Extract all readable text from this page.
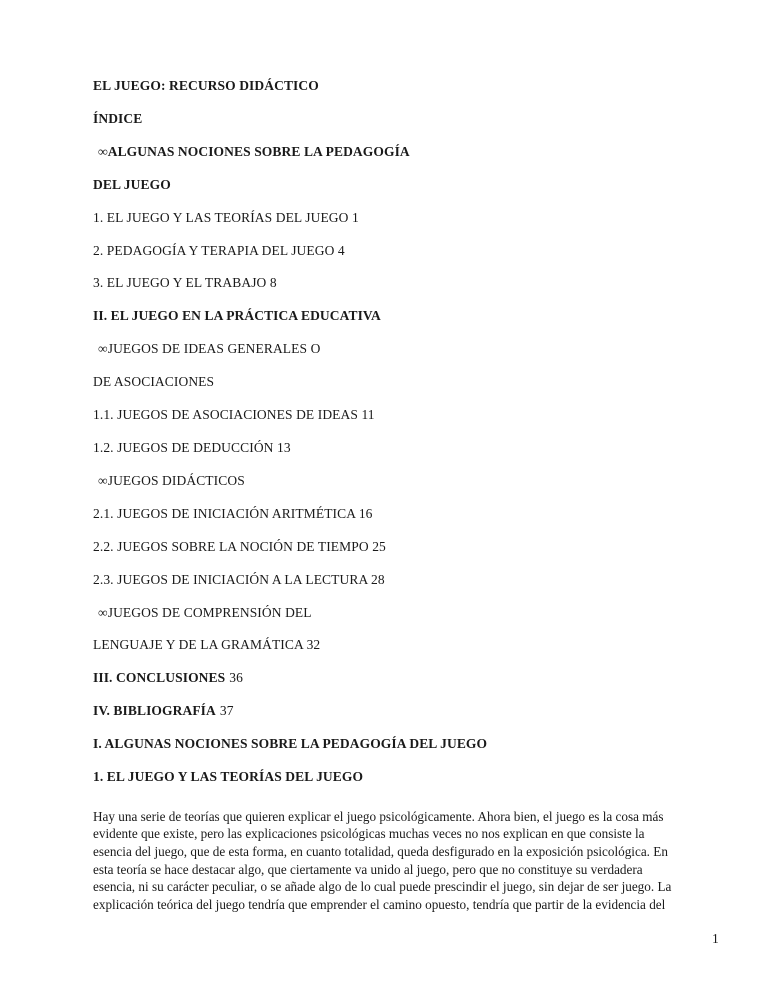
EL JUEGO: RECURSO DIDÁCTICO
ÍNDICE
∞ALGUNAS NOCIONES SOBRE LA PEDAGOGÍA
DEL JUEGO
1. EL JUEGO Y LAS TEORÍAS DEL JUEGO 1
2. PEDAGOGÍA Y TERAPIA DEL JUEGO 4
3. EL JUEGO Y EL TRABAJO 8
II. EL JUEGO EN LA PRÁCTICA EDUCATIVA
∞JUEGOS DE IDEAS GENERALES O
DE ASOCIACIONES
1.1. JUEGOS DE ASOCIACIONES DE IDEAS 11
1.2. JUEGOS DE DEDUCCIÓN 13
∞JUEGOS DIDÁCTICOS
2.1. JUEGOS DE INICIACIÓN ARITMÉTICA 16
2.2. JUEGOS SOBRE LA NOCIÓN DE TIEMPO 25
2.3. JUEGOS DE INICIACIÓN A LA LECTURA 28
∞JUEGOS DE COMPRENSIÓN DEL
LENGUAJE Y DE LA GRAMÁTICA 32
III. CONCLUSIONES 36
IV. BIBLIOGRAFÍA 37
I. ALGUNAS NOCIONES SOBRE LA PEDAGOGÍA DEL JUEGO
1. EL JUEGO Y LAS TEORÍAS DEL JUEGO
Hay una serie de teorías que quieren explicar el juego psicológicamente. Ahora bien, el juego es la cosa más
evidente que existe, pero las explicaciones psicológicas muchas veces no nos explican en que consiste la
esencia del juego, que de esta forma, en cuanto totalidad, queda desfigurado en la exposición psicológica. En
esta teoría se hace destacar algo, que ciertamente va unido al juego, pero que no constituye su verdadera
esencia, ni su carácter peculiar, o se añade algo de lo cual puede prescindir el juego, sin dejar de ser juego. La
explicación teórica del juego tendría que emprender el camino opuesto, tendría que partir de la evidencia del
1
